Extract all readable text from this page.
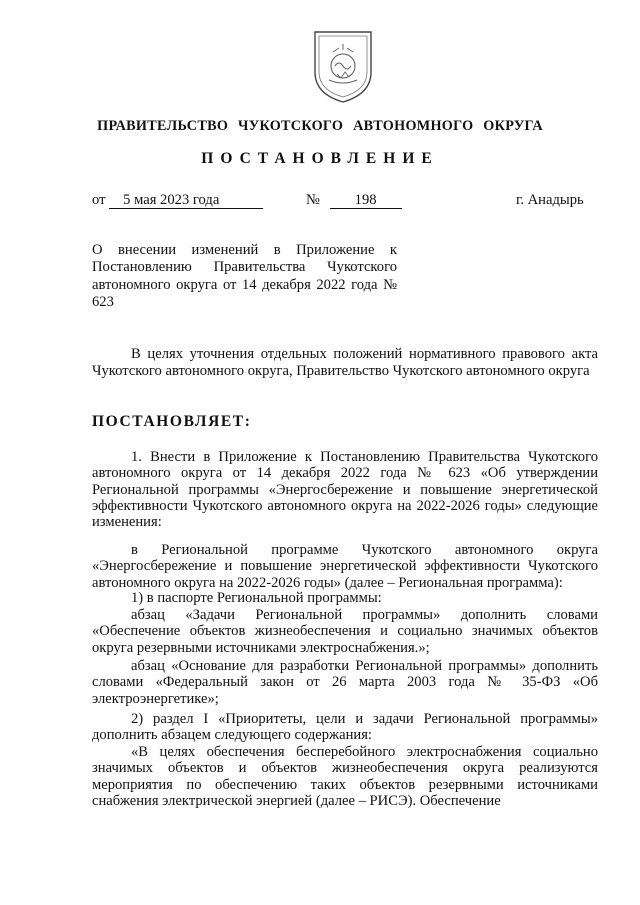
ПРАВИТЕЛЬСТВО ЧУКОТСКОГО АВТОНОМНОГО ОКРУГА
ПОСТАНОВЛЕНИЕ
от 5 мая 2023 года	№ 198	г. Анадырь

О внесении изменений в Приложение к Постановлению Правительства Чукотского автономного округа от 14 декабря 2022 года № 623

В целях уточнения отдельных положений нормативного правового акта Чукотского автономного округа, Правительство Чукотского автономного округа

ПОСТАНОВЛЯЕТ:

1. Внести в Приложение к Постановлению Правительства Чукотского автономного округа от 14 декабря 2022 года № 623 «Об утверждении Региональной программы «Энергосбережение и повышение энергетической эффективности Чукотского автономного округа на 2022-2026 годы» следующие изменения:

в Региональной программе Чукотского автономного округа «Энергосбережение и повышение энергетической эффективности Чукотского автономного округа на 2022-2026 годы» (далее – Региональная программа):

1) в паспорте Региональной программы:

абзац «Задачи Региональной программы» дополнить словами «Обеспечение объектов жизнеобеспечения и социально значимых объектов округа резервными источниками электроснабжения.»;

абзац «Основание для разработки Региональной программы» дополнить словами «Федеральный закон от 26 марта 2003 года № 35-ФЗ «Об электроэнергетике»;

2) раздел I «Приоритеты, цели и задачи Региональной программы» дополнить абзацем следующего содержания:

«В целях обеспечения бесперебойного электроснабжения социально значимых объектов и объектов жизнеобеспечения округа реализуются мероприятия по обеспечению таких объектов резервными источниками снабжения электрической энергией (далее – РИСЭ). Обеспечение
